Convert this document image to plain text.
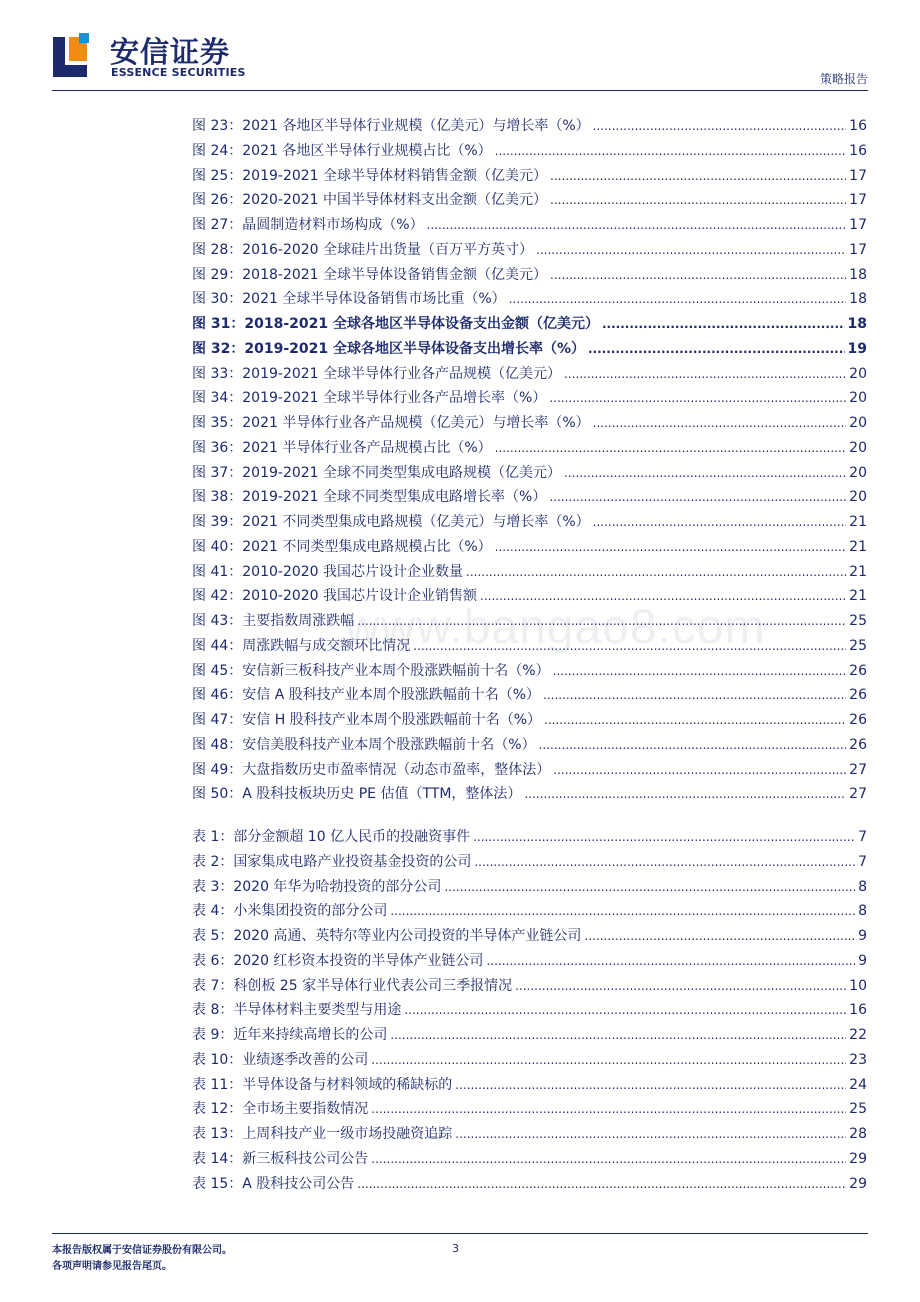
安信证券
ESSENCE SECURITIES	策略报告
图 23：2021 各地区半导体行业规模（亿美元）与增长率（%） .....	16
图 24：2021 各地区半导体行业规模占比（%） .....	16
图 25：2019-2021 全球半导体材料销售金额（亿美元） .....	17
图 26：2020-2021 中国半导体材料支出金额（亿美元） .....	17
图 27：晶圆制造材料市场构成（%） .....	17
图 28：2016-2020 全球硅片出货量（百万平方英寸） .....	17
图 29：2018-2021 全球半导体设备销售金额（亿美元） .....	18
图 30：2021 全球半导体设备销售市场比重（%） .....	18
图 31：2018-2021 全球各地区半导体设备支出金额（亿美元） .....	18
图 32：2019-2021 全球各地区半导体设备支出增长率（%） .....	19
图 33：2019-2021 全球半导体行业各产品规模（亿美元） .....	20
图 34：2019-2021 全球半导体行业各产品增长率（%） .....	20
图 35：2021 半导体行业各产品规模（亿美元）与增长率（%） .....	20
图 36：2021 半导体行业各产品规模占比（%） .....	20
图 37：2019-2021 全球不同类型集成电路规模（亿美元） .....	20
图 38：2019-2021 全球不同类型集成电路增长率（%） .....	20
图 39：2021 不同类型集成电路规模（亿美元）与增长率（%） .....	21
图 40：2021 不同类型集成电路规模占比（%） .....	21
图 41：2010-2020 我国芯片设计企业数量 .....	21
图 42：2010-2020 我国芯片设计企业销售额 .....	21
图 43：主要指数周涨跌幅 .....	25
图 44：周涨跌幅与成交额环比情况 .....	25
图 45：安信新三板科技产业本周个股涨跌幅前十名（%） .....	26
图 46：安信 A 股科技产业本周个股涨跌幅前十名（%） .....	26
图 47：安信 H 股科技产业本周个股涨跌幅前十名（%） .....	26
图 48：安信美股科技产业本周个股涨跌幅前十名（%） .....	26
图 49：大盘指数历史市盈率情况（动态市盈率，整体法） .....	27
图 50：A 股科技板块历史 PE 估值（TTM，整体法） .....	27
表 1：部分金额超 10 亿人民币的投融资事件 .....	7
表 2：国家集成电路产业投资基金投资的公司 .....	7
表 3：2020 年华为哈勃投资的部分公司 .....	8
表 4：小米集团投资的部分公司 .....	8
表 5：2020 高通、英特尔等业内公司投资的半导体产业链公司 .....	9
表 6：2020 红杉资本投资的半导体产业链公司 .....	9
表 7：科创板 25 家半导体行业代表公司三季报情况 .....	10
表 8：半导体材料主要类型与用途 .....	16
表 9：近年来持续高增长的公司 .....	22
表 10：业绩逐季改善的公司 .....	23
表 11：半导体设备与材料领域的稀缺标的 .....	24
表 12：全市场主要指数情况 .....	25
表 13：上周科技产业一级市场投融资追踪 .....	28
表 14：新三板科技公司公告 .....	29
表 15：A 股科技公司公告 .....	29
www.bangao8.com
本报告版权属于安信证券股份有限公司。
各项声明请参见报告尾页。
3
